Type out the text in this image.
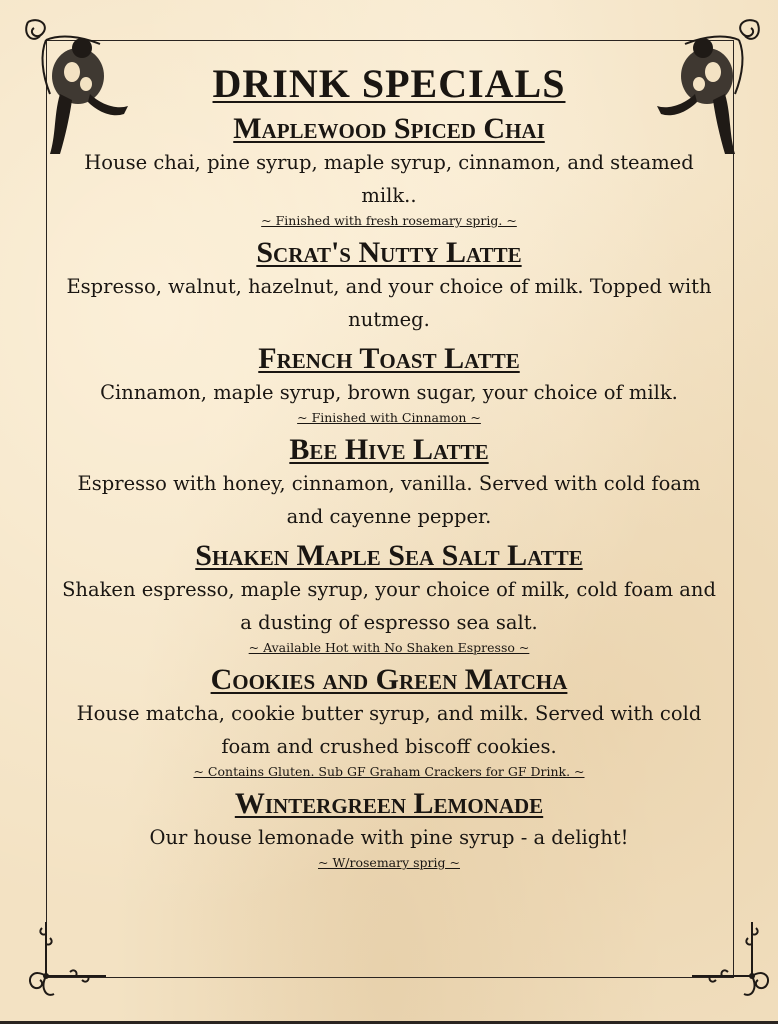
DRINK SPECIALS
Maplewood Spiced Chai
House chai, pine syrup, maple syrup, cinnamon, and steamed milk..
~ Finished with fresh rosemary sprig. ~
Scrat's Nutty Latte
Espresso, walnut, hazelnut, and your choice of milk. Topped with nutmeg.
French Toast Latte
Cinnamon, maple syrup, brown sugar, your choice of milk.
~ Finished with Cinnamon ~
Bee Hive Latte
Espresso with honey, cinnamon, vanilla. Served with cold foam and cayenne pepper.
Shaken Maple Sea Salt Latte
Shaken espresso, maple syrup, your choice of milk, cold foam and a dusting of espresso sea salt.
~ Available Hot with No Shaken Espresso ~
Cookies and Green Matcha
House matcha, cookie butter syrup, and milk. Served with cold foam and crushed biscoff cookies.
~ Contains Gluten. Sub GF Graham Crackers for GF Drink. ~
Wintergreen Lemonade
Our house lemonade with pine syrup - a delight!
~ W/rosemary sprig ~
